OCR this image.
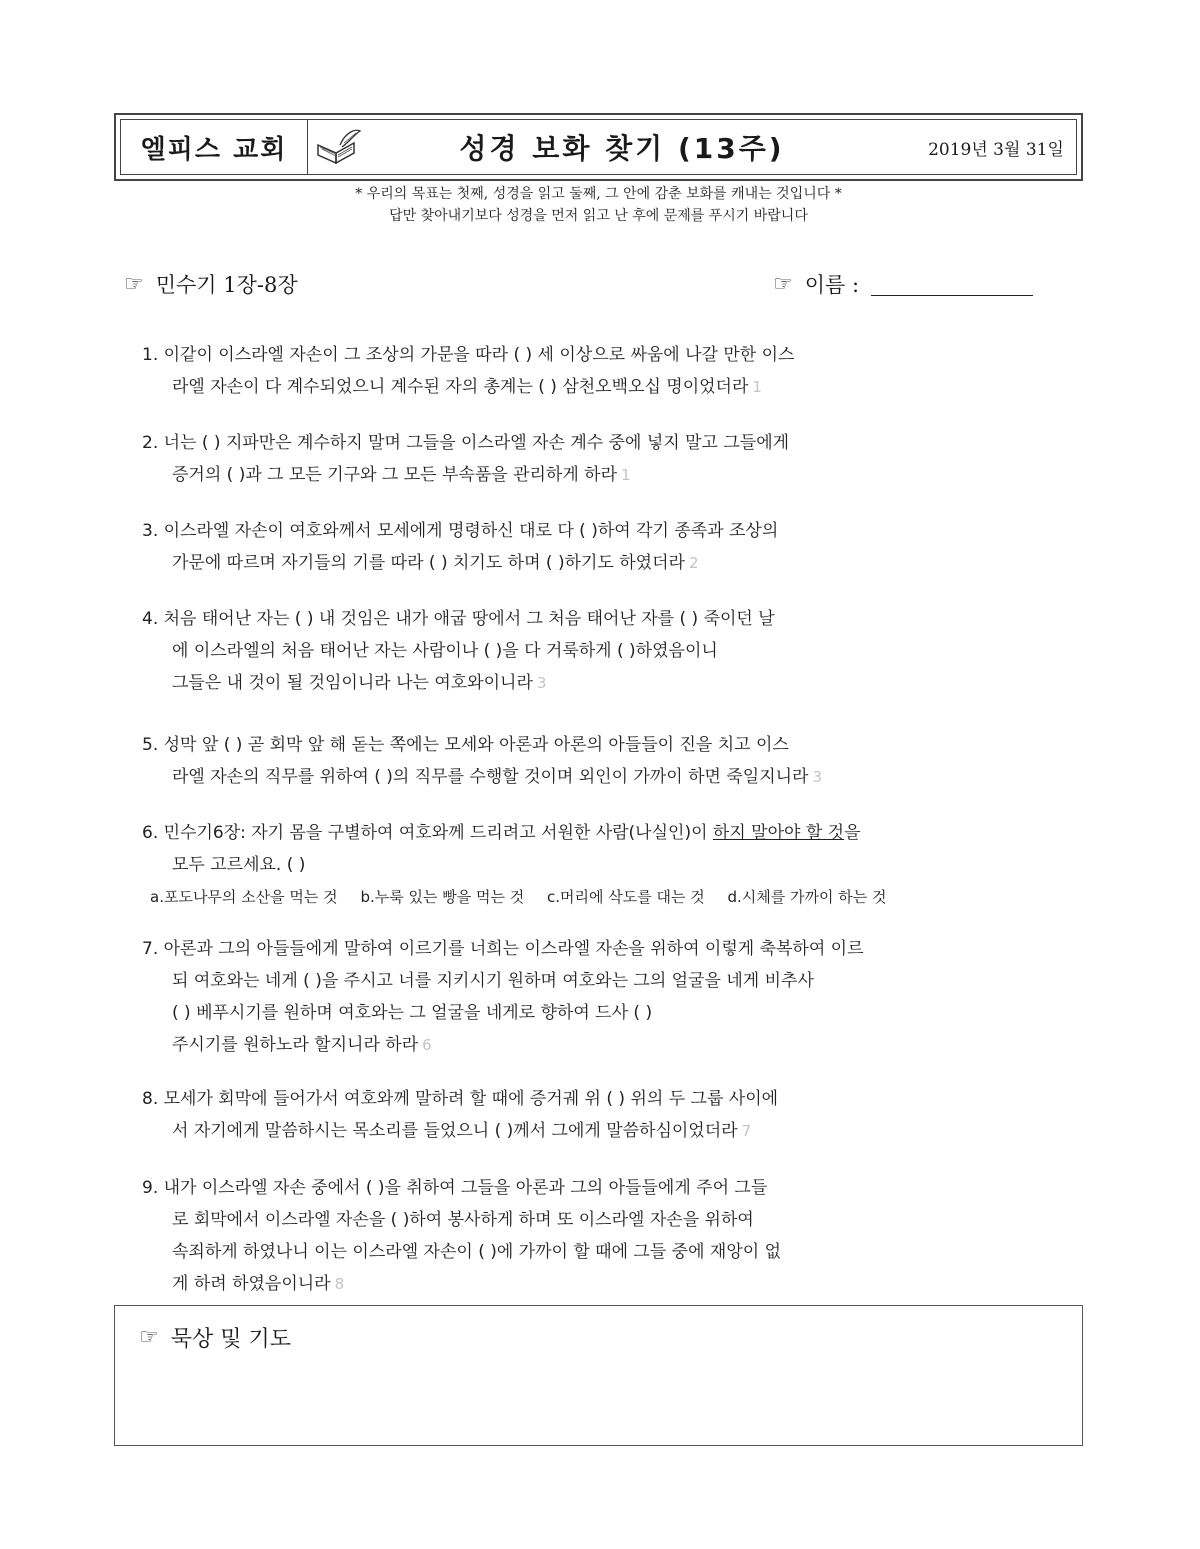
엘피스 교회	성경 보화 찾기 (13주)	2019년 3월 31일
* 우리의 목표는 첫째, 성경을 읽고 둘째, 그 안에 감춘 보화를 캐내는 것입니다 *
답만 찾아내기보다 성경을 먼저 읽고 난 후에 문제를 푸시기 바랍니다
☞ 민수기 1장-8장	☞ 이름 :
1. 이같이 이스라엘 자손이 그 조상의 가문을 따라 ( ) 세 이상으로 싸움에 나갈 만한 이스
라엘 자손이 다 계수되었으니 계수된 자의 총계는 ( ) 삼천오백오십 명이었더라 1
2. 너는 ( ) 지파만은 계수하지 말며 그들을 이스라엘 자손 계수 중에 넣지 말고 그들에게
증거의 ( )과 그 모든 기구와 그 모든 부속품을 관리하게 하라 1
3. 이스라엘 자손이 여호와께서 모세에게 명령하신 대로 다 ( )하여 각기 종족과 조상의
가문에 따르며 자기들의 기를 따라 ( ) 치기도 하며 ( )하기도 하였더라 2
4. 처음 태어난 자는 ( ) 내 것임은 내가 애굽 땅에서 그 처음 태어난 자를 ( ) 죽이던 날
에 이스라엘의 처음 태어난 자는 사람이나 ( )을 다 거룩하게 ( )하였음이니
그들은 내 것이 될 것임이니라 나는 여호와이니라 3
5. 성막 앞 ( ) 곧 회막 앞 해 돋는 쪽에는 모세와 아론과 아론의 아들들이 진을 치고 이스
라엘 자손의 직무를 위하여 ( )의 직무를 수행할 것이며 외인이 가까이 하면 죽일지니라 3
6. 민수기6장: 자기 몸을 구별하여 여호와께 드리려고 서원한 사람(나실인)이 하지 말아야 할 것을
모두 고르세요. ( )
a.포도나무의 소산을 먹는 것 b.누룩 있는 빵을 먹는 것 c.머리에 삭도를 대는 것 d.시체를 가까이 하는 것
7. 아론과 그의 아들들에게 말하여 이르기를 너희는 이스라엘 자손을 위하여 이렇게 축복하여 이르
되 여호와는 네게 ( )을 주시고 너를 지키시기 원하며 여호와는 그의 얼굴을 네게 비추사
( ) 베푸시기를 원하며 여호와는 그 얼굴을 네게로 향하여 드사 ( )
주시기를 원하노라 할지니라 하라 6
8. 모세가 회막에 들어가서 여호와께 말하려 할 때에 증거궤 위 ( ) 위의 두 그룹 사이에
서 자기에게 말씀하시는 목소리를 들었으니 ( )께서 그에게 말씀하심이었더라 7
9. 내가 이스라엘 자손 중에서 ( )을 취하여 그들을 아론과 그의 아들들에게 주어 그들
로 회막에서 이스라엘 자손을 ( )하여 봉사하게 하며 또 이스라엘 자손을 위하여
속죄하게 하였나니 이는 이스라엘 자손이 ( )에 가까이 할 때에 그들 중에 재앙이 없
게 하려 하였음이니라 8
☞ 묵상 및 기도
